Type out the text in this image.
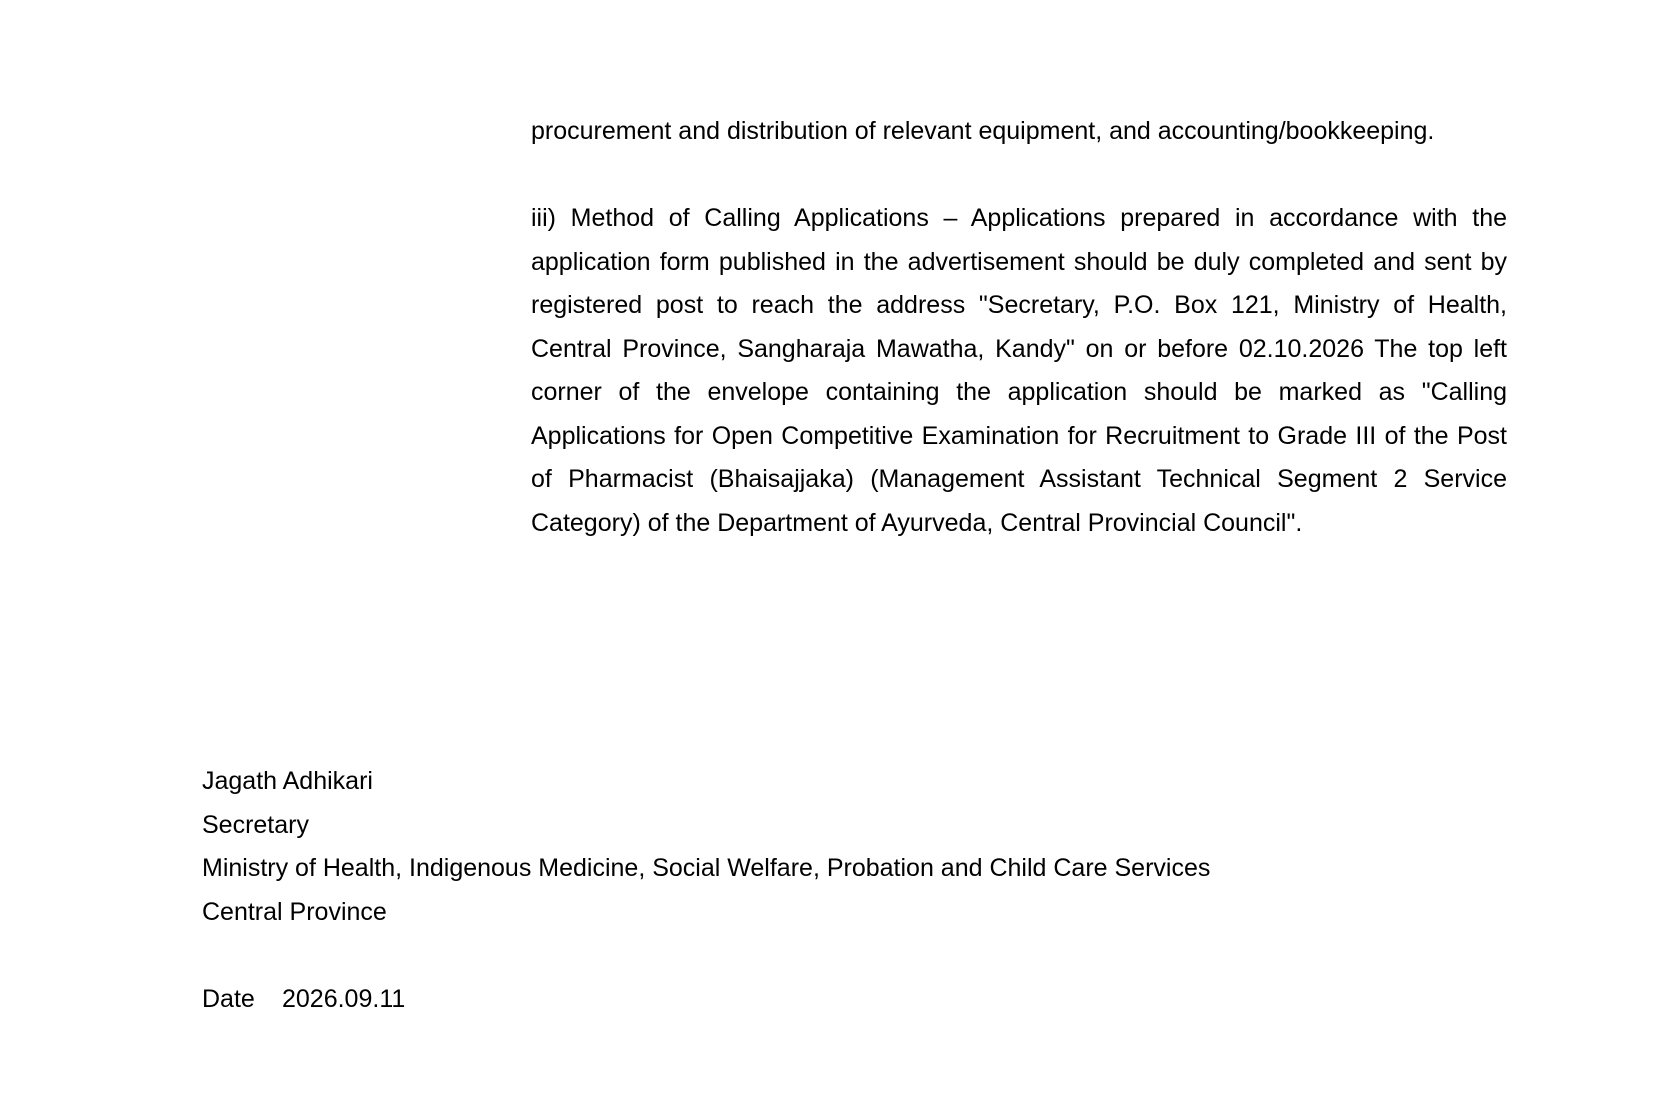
procurement and distribution of relevant equipment, and accounting/bookkeeping.

iii) Method of Calling Applications – Applications prepared in accordance with the application form published in the advertisement should be duly completed and sent by registered post to reach the address "Secretary, P.O. Box 121, Ministry of Health, Central Province, Sangharaja Mawatha, Kandy" on or before 02.10.2026 The top left corner of the envelope containing the application should be marked as "Calling Applications for Open Competitive Examination for Recruitment to Grade III of the Post of Pharmacist (Bhaisajjaka) (Management Assistant Technical Segment 2 Service Category) of the Department of Ayurveda, Central Provincial Council".

Jagath Adhikari
Secretary
Ministry of Health, Indigenous Medicine, Social Welfare, Probation and Child Care Services
Central Province
Date 2026.09.11
